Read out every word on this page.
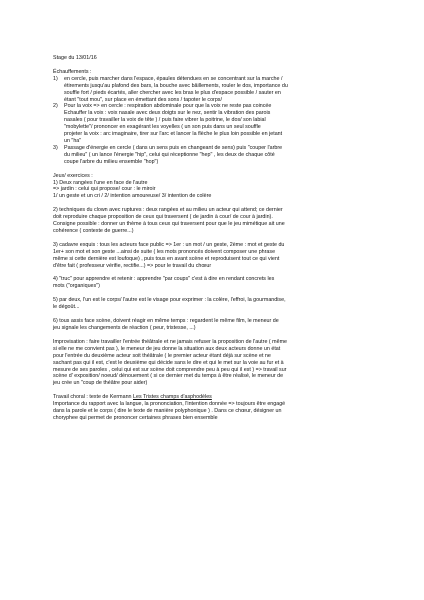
Stage du 13/01/16

Échauffements :

1) en cercle, puis marcher dans l'espace, épaules détendues en se concentrant sur la marche /

étirements jusqu'au plafond des bars, la bouche avec bâillements, rouler le dos, importance du

souffle fort / pieds écartés, aller chercher avec les bras le plus d'espace possible / sauter en

étant "tout mou", sur place en émettant des sons / tapoter le corps/

2) Pour la voix => en cercle : respiration abdominale pour que la voix ne reste pas coincée

Echauffer la voix : voix nasale avec deux doigts sur le nez, sentir la vibration des parois

nasales ( pour travailler la voix de tête ) / puis faire vibrer la poitrine, le dos/ son labial

"mobylette"/ prononcer en exagérant les voyelles ( un son puis dans un seul souffle

projeter la voix : arc imaginaire, tirer sur l'arc et lancer la flèche le plus loin possible en jetant

un "ha"

3) Passage d'énergie en cercle ( dans un sens puis en changeant de sens) puis "couper l'arbre

du milieu" ( un lance l'énergie "hip", celui qui réceptionne "hep" , les deux de chaque côté

coupe l'arbre du milieu ensemble "hop")

Jeux/ exercices :

1) Deux rangées l'une en face de l'autre

=> jardin : celui qui propose/ cour : le miroir

1/ un geste et un cri / 2/ intention amoureuse/ 3/ intention de colère

2) techniques du clown avec ruptures : deux rangées et au milieu un acteur qui attend; ce dernier

doit reproduire chaque proposition de ceux qui traversent ( de jardin à cour/ de cour à jardin).

Consigne possible : donner un thème à tous ceux qui traversent pour que le jeu mimétique ait une

cohérence ( contexte de guerre...)

3) cadavre exquis : tous les acteurs face public => 1er : un mot / un geste, 2ème : mot et geste du

1er+ son mot et son geste ...ainsi de suite ( les mots prononcés doivent composer une phrase

même si cette dernière est loufoque) , puis tous en avant scène et reproduisent tout ce qui vient

d'être fait ( professeur vérifie, rectifie...) => pour le travail du chœur

4) "truc" pour apprendre et retenir : apprendre "par coups" c'est à dire en rendant concrets les

mots ("organiques")

5) par deux, l'un est le corps/ l'autre est le visage pour exprimer : la colère, l'effroi, la gourmandise,

le dégoût...

6) tous assis face scène, doivent réagir en même temps : regardent le même film, le meneur de

jeu signale les changements de réaction ( peur, tristesse, ...)

Improvisation : faire travailler l'entrée théâtrale et ne jamais refuser la proposition de l'autre ( même

si elle ne me convient pas ), le meneur de jeu donne la situation aux deux acteurs donne un état

pour l'entrée du deuxième acteur soit théâtrale ( le premier acteur étant déjà sur scène et ne

sachant pas qui il est, c'est le deuxième qui décide sans le dire et qui le met sur la voie au fur et à

mesure de ses paroles , celui qui est sur scène doit comprendre peu à peu qui il est ) => travail sur

scène d' exposition/ noeud/ dénouement ( si ce dernier met du temps à être réalisé, le meneur de

jeu crée un "coup de théâtre pour aider)

Travail choral : texte de Kermann Les Tristes champs d'asphodèles

Importance du rapport avec la langue, la prononciation, l'intention donnée => toujours être engagé

dans la parole et le corps ( dire le texte de manière polyphonique ) . Dans ce chœur, désigner un

choryphee qui permet de prononcer certaines phrases bien ensemble
